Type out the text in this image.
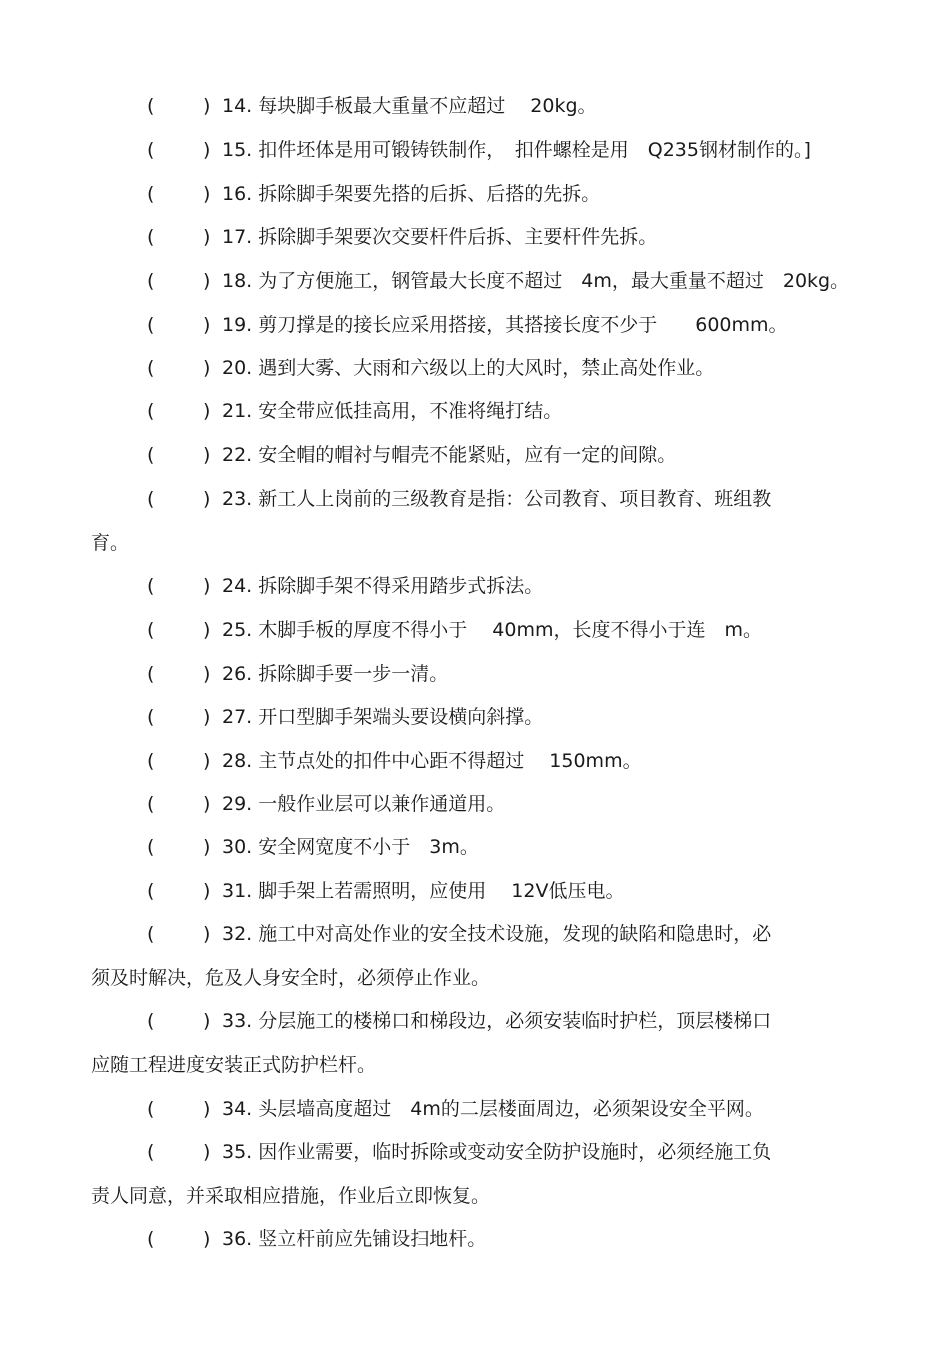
(	) 14. 每块脚手板最大重量不应超过　 20kg。
(	) 15. 扣件坯体是用可锻铸铁制作，　扣件螺栓是用　Q235钢材制作的。]
(	) 16. 拆除脚手架要先搭的后拆、后搭的先拆。
(	) 17. 拆除脚手架要次交要杆件后拆、主要杆件先拆。
(	) 18. 为了方便施工，钢管最大长度不超过　4m，最大重量不超过　20kg。
(	) 19. 剪刀撑是的接长应采用搭接，其搭接长度不少于　　600mm。
(	) 20. 遇到大雾、大雨和六级以上的大风时，禁止高处作业。
(	) 21. 安全带应低挂高用，不准将绳打结。
(	) 22. 安全帽的帽衬与帽壳不能紧贴，应有一定的间隙。
(	) 23. 新工人上岗前的三级教育是指：公司教育、项目教育、班组教
育。
(	) 24. 拆除脚手架不得采用踏步式拆法。
(	) 25. 木脚手板的厚度不得小于　 40mm，长度不得小于连　m。
(	) 26. 拆除脚手要一步一清。
(	) 27. 开口型脚手架端头要设横向斜撑。
(	) 28. 主节点处的扣件中心距不得超过　 150mm。
(	) 29. 一般作业层可以兼作通道用。
(	) 30. 安全网宽度不小于　3m。
(	) 31. 脚手架上若需照明，应使用　 12V低压电。
(	) 32. 施工中对高处作业的安全技术设施，发现的缺陷和隐患时，必
须及时解决，危及人身安全时，必须停止作业。
(	) 33. 分层施工的楼梯口和梯段边，必须安装临时护栏，顶层楼梯口
应随工程进度安装正式防护栏杆。
(	) 34. 头层墙高度超过　4m的二层楼面周边，必须架设安全平网。
(	) 35. 因作业需要，临时拆除或变动安全防护设施时，必须经施工负
责人同意，并采取相应措施，作业后立即恢复。
(	) 36. 竖立杆前应先铺设扫地杆。
